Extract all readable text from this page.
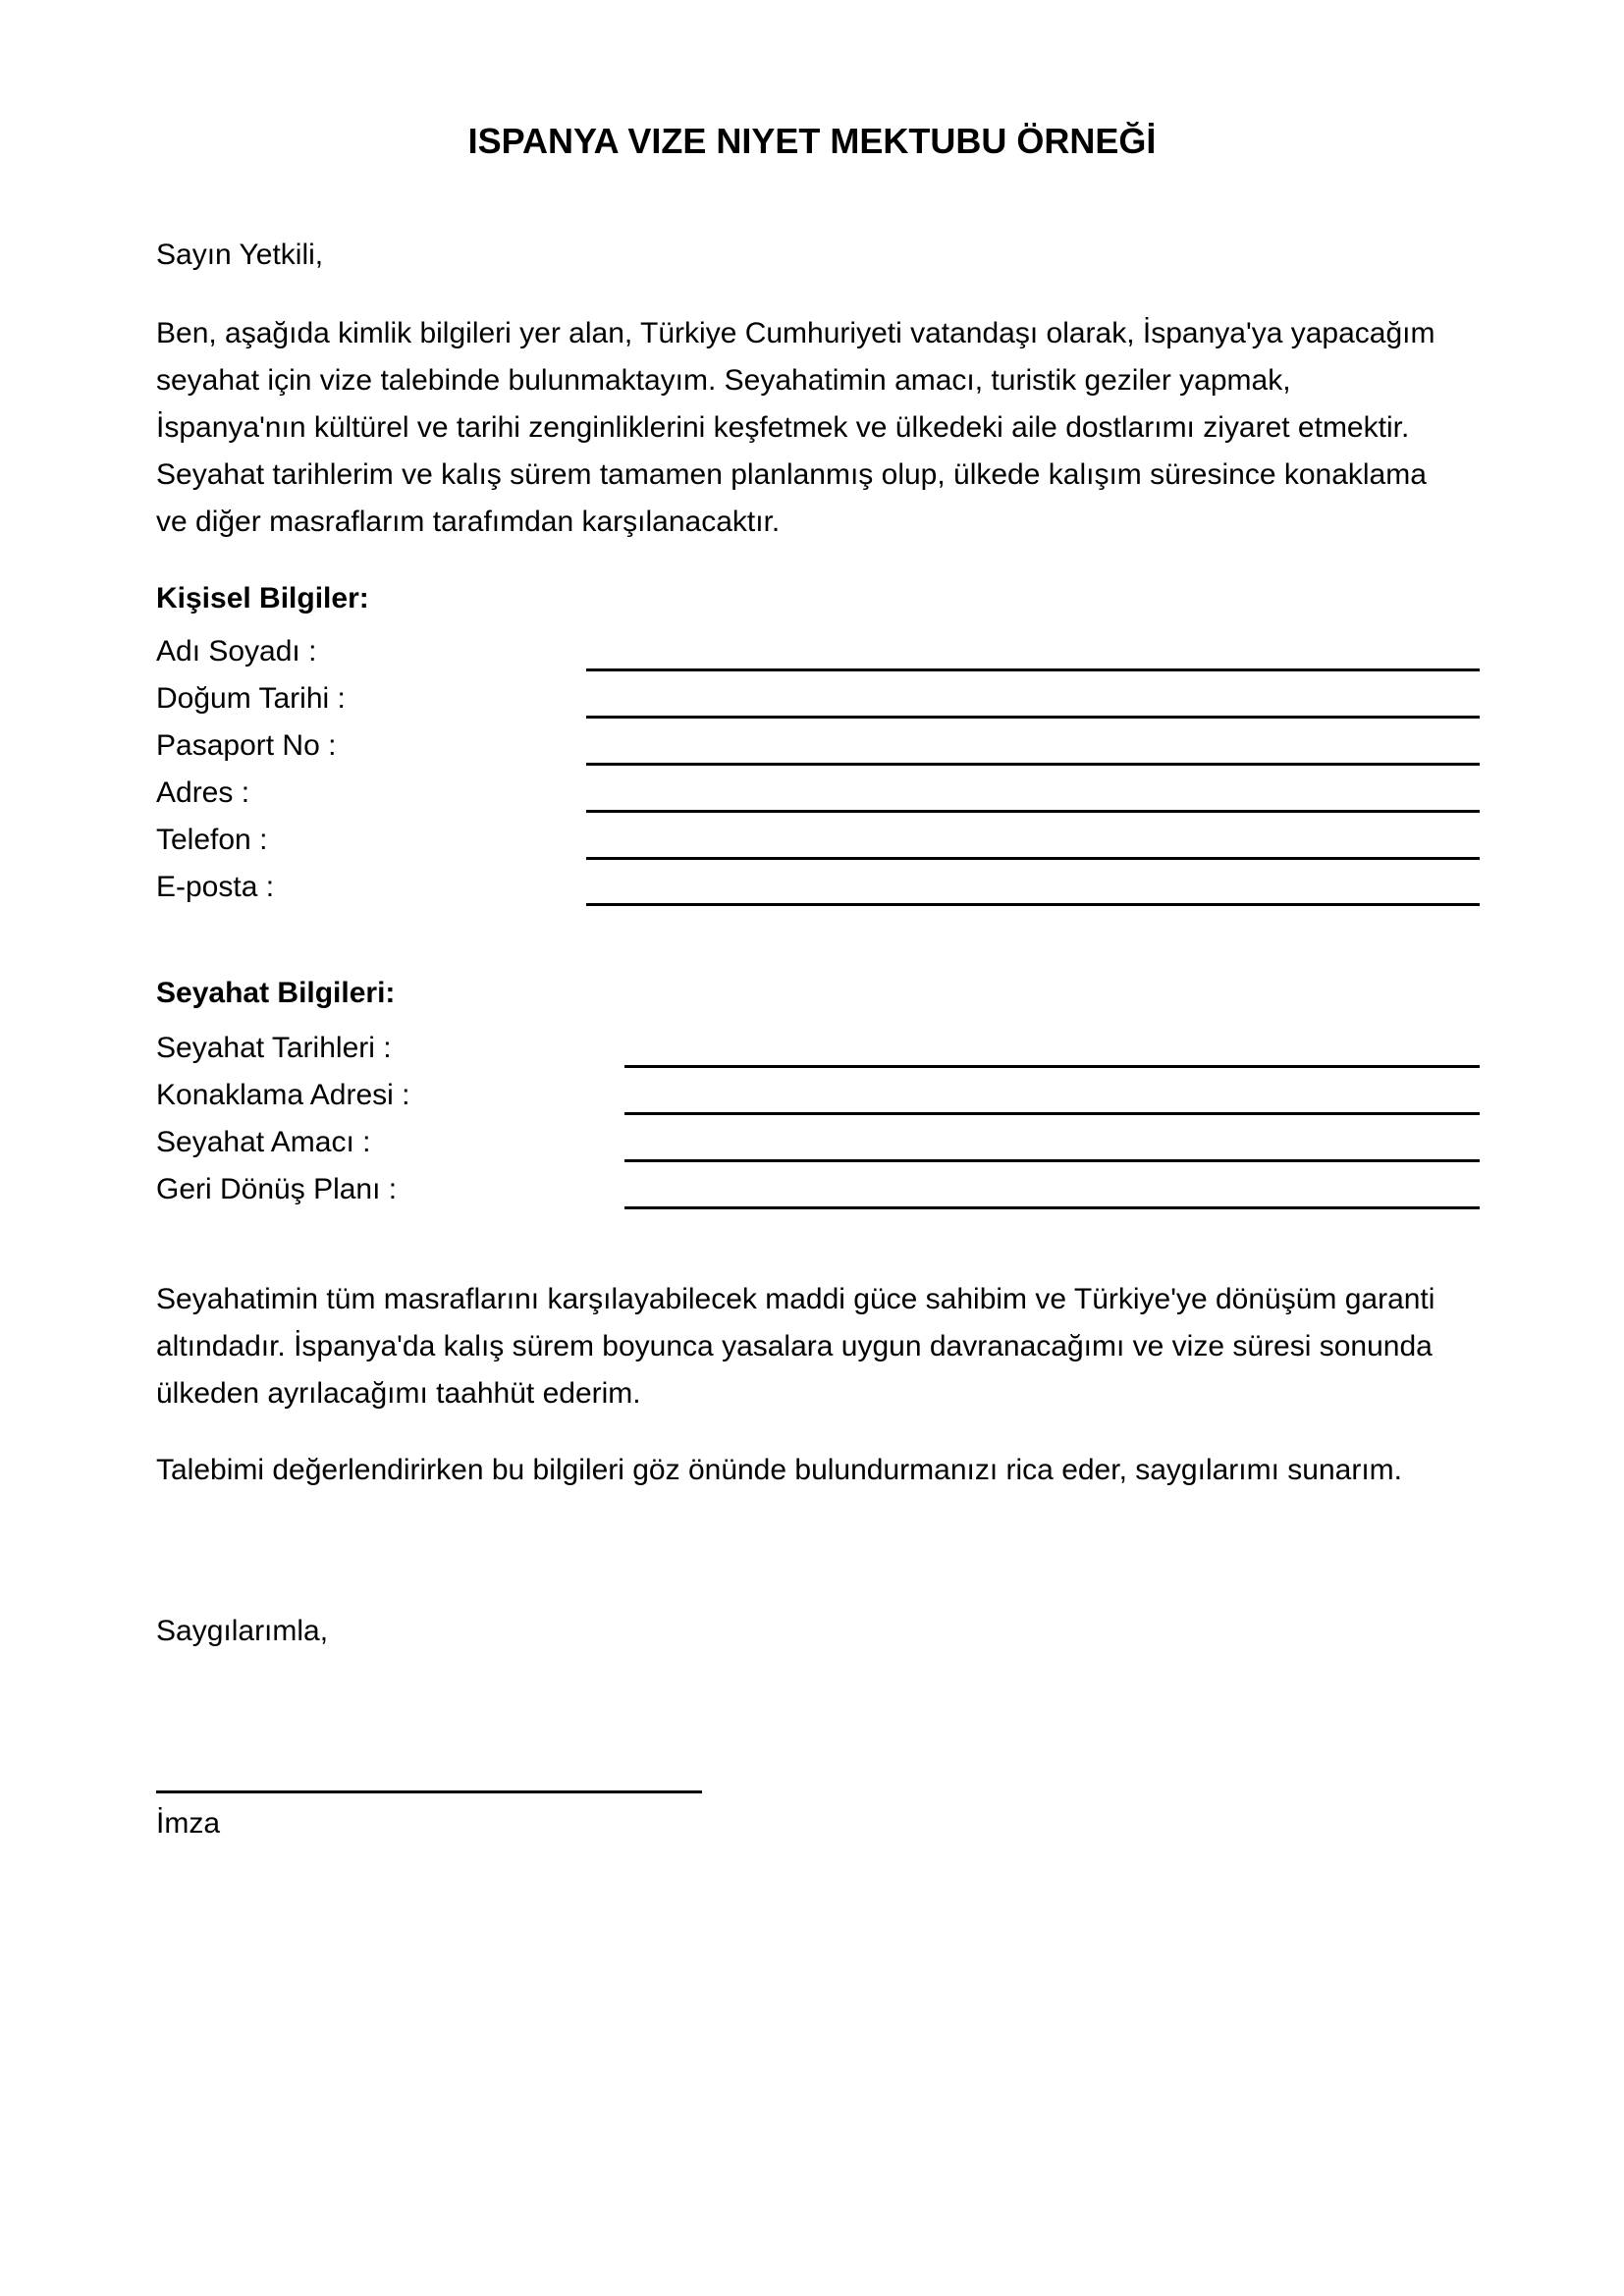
ISPANYA VIZE NIYET MEKTUBU ÖRNEĞİ
Sayın Yetkili,
Ben, aşağıda kimlik bilgileri yer alan, Türkiye Cumhuriyeti vatandaşı olarak, İspanya'ya yapacağım
seyahat için vize talebinde bulunmaktayım. Seyahatimin amacı, turistik geziler yapmak,
İspanya'nın kültürel ve tarihi zenginliklerini keşfetmek ve ülkedeki aile dostlarımı ziyaret etmektir.
Seyahat tarihlerim ve kalış sürem tamamen planlanmış olup, ülkede kalışım süresince konaklama
ve diğer masraflarım tarafımdan karşılanacaktır.
Kişisel Bilgiler:
Adı Soyadı :
Doğum Tarihi :
Pasaport No :
Adres :
Telefon :
E-posta :
Seyahat Bilgileri:
Seyahat Tarihleri :
Konaklama Adresi :
Seyahat Amacı :
Geri Dönüş Planı :
Seyahatimin tüm masraflarını karşılayabilecek maddi güce sahibim ve Türkiye'ye dönüşüm garanti
altındadır. İspanya'da kalış sürem boyunca yasalara uygun davranacağımı ve vize süresi sonunda
ülkeden ayrılacağımı taahhüt ederim.
Talebimi değerlendirirken bu bilgileri göz önünde bulundurmanızı rica eder, saygılarımı sunarım.
Saygılarımla,
İmza
